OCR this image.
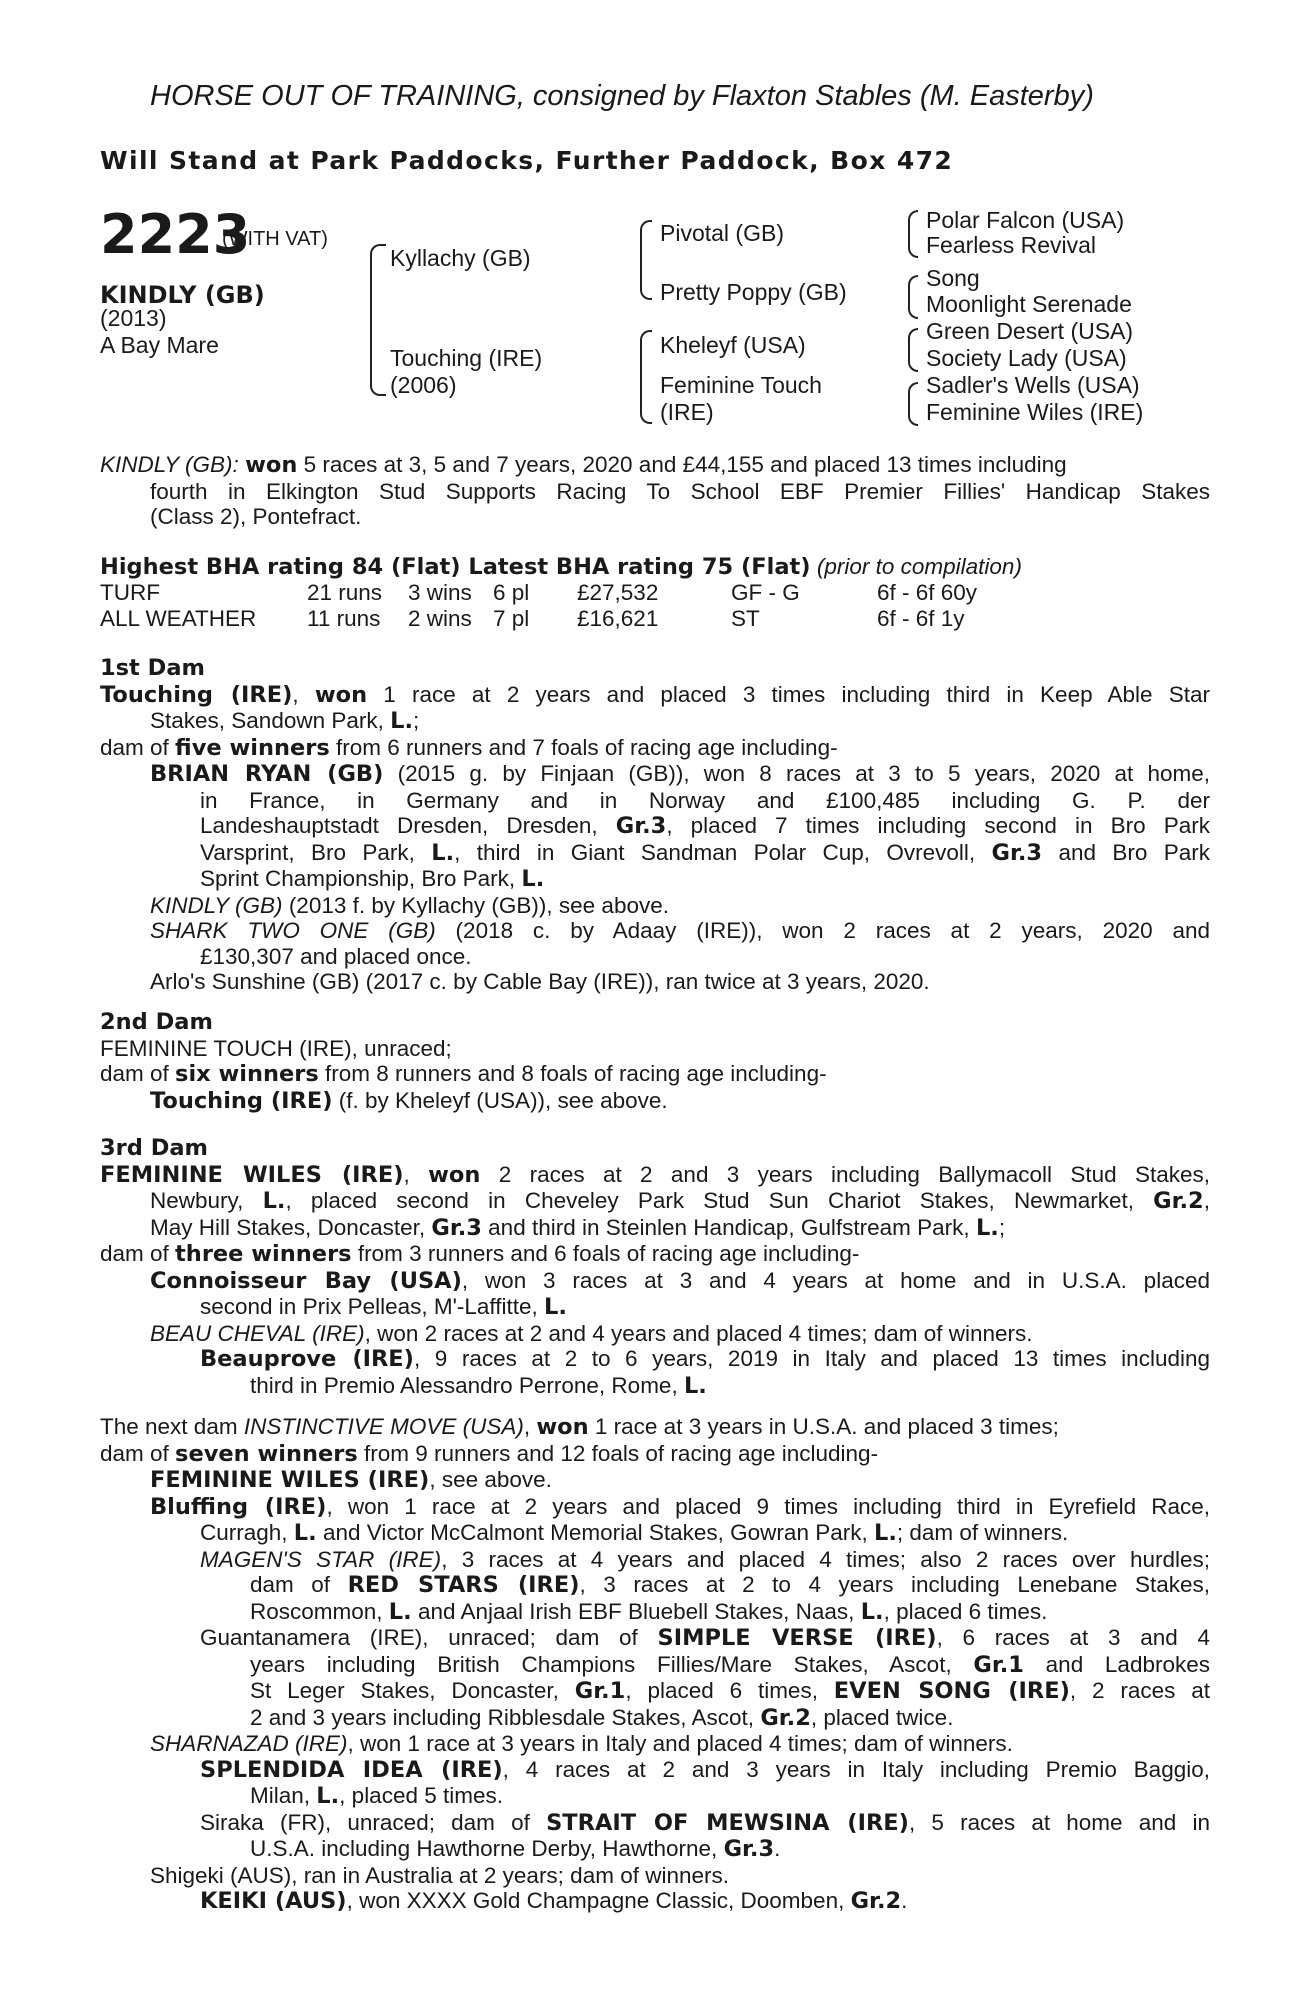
HORSE OUT OF TRAINING, consigned by Flaxton Stables (M. Easterby)
Will Stand at Park Paddocks, Further Paddock, Box 472
2223
(WITH VAT)
KINDLY (GB)
(2013)
A Bay Mare
Kyllachy (GB)
Touching (IRE)
(2006)
Pivotal (GB)
Pretty Poppy (GB)
Kheleyf (USA)
Feminine Touch
(IRE)
Polar Falcon (USA)
Fearless Revival
Song
Moonlight Serenade
Green Desert (USA)
Society Lady (USA)
Sadler's Wells (USA)
Feminine Wiles (IRE)
KINDLY (GB): won 5 races at 3, 5 and 7 years, 2020 and £44,155 and placed 13 times including
fourth in Elkington Stud Supports Racing To School EBF Premier Fillies' Handicap Stakes
(Class 2), Pontefract.
Highest BHA rating 84 (Flat) Latest BHA rating 75 (Flat) (prior to compilation)
TURF	21 runs 3 wins 6 pl £27,532	GF - G	6f - 6f 60y
ALL WEATHER 11 runs 2 wins 7 pl £16,621	ST	6f - 6f 1y
1st Dam
Touching (IRE), won 1 race at 2 years and placed 3 times including third in Keep Able Star
Stakes, Sandown Park, L.;
dam of five winners from 6 runners and 7 foals of racing age including-
BRIAN RYAN (GB) (2015 g. by Finjaan (GB)), won 8 races at 3 to 5 years, 2020 at home,
in France, in Germany and in Norway and £100,485 including G. P. der
Landeshauptstadt Dresden, Dresden, Gr.3, placed 7 times including second in Bro Park
Varsprint, Bro Park, L., third in Giant Sandman Polar Cup, Ovrevoll, Gr.3 and Bro Park
Sprint Championship, Bro Park, L.
KINDLY (GB) (2013 f. by Kyllachy (GB)), see above.
SHARK TWO ONE (GB) (2018 c. by Adaay (IRE)), won 2 races at 2 years, 2020 and
£130,307 and placed once.
Arlo's Sunshine (GB) (2017 c. by Cable Bay (IRE)), ran twice at 3 years, 2020.
2nd Dam
FEMININE TOUCH (IRE), unraced;
dam of six winners from 8 runners and 8 foals of racing age including-
Touching (IRE) (f. by Kheleyf (USA)), see above.
3rd Dam
FEMININE WILES (IRE), won 2 races at 2 and 3 years including Ballymacoll Stud Stakes,
Newbury, L., placed second in Cheveley Park Stud Sun Chariot Stakes, Newmarket, Gr.2,
May Hill Stakes, Doncaster, Gr.3 and third in Steinlen Handicap, Gulfstream Park, L.;
dam of three winners from 3 runners and 6 foals of racing age including-
Connoisseur Bay (USA), won 3 races at 3 and 4 years at home and in U.S.A. placed
second in Prix Pelleas, M'-Laffitte, L.
BEAU CHEVAL (IRE), won 2 races at 2 and 4 years and placed 4 times; dam of winners.
Beauprove (IRE), 9 races at 2 to 6 years, 2019 in Italy and placed 13 times including
third in Premio Alessandro Perrone, Rome, L.
The next dam INSTINCTIVE MOVE (USA), won 1 race at 3 years in U.S.A. and placed 3 times;
dam of seven winners from 9 runners and 12 foals of racing age including-
FEMININE WILES (IRE), see above.
Bluffing (IRE), won 1 race at 2 years and placed 9 times including third in Eyrefield Race,
Curragh, L. and Victor McCalmont Memorial Stakes, Gowran Park, L.; dam of winners.
MAGEN'S STAR (IRE), 3 races at 4 years and placed 4 times; also 2 races over hurdles;
dam of RED STARS (IRE), 3 races at 2 to 4 years including Lenebane Stakes,
Roscommon, L. and Anjaal Irish EBF Bluebell Stakes, Naas, L., placed 6 times.
Guantanamera (IRE), unraced; dam of SIMPLE VERSE (IRE), 6 races at 3 and 4
years including British Champions Fillies/Mare Stakes, Ascot, Gr.1 and Ladbrokes
St Leger Stakes, Doncaster, Gr.1, placed 6 times, EVEN SONG (IRE), 2 races at
2 and 3 years including Ribblesdale Stakes, Ascot, Gr.2, placed twice.
SHARNAZAD (IRE), won 1 race at 3 years in Italy and placed 4 times; dam of winners.
SPLENDIDA IDEA (IRE), 4 races at 2 and 3 years in Italy including Premio Baggio,
Milan, L., placed 5 times.
Siraka (FR), unraced; dam of STRAIT OF MEWSINA (IRE), 5 races at home and in
U.S.A. including Hawthorne Derby, Hawthorne, Gr.3.
Shigeki (AUS), ran in Australia at 2 years; dam of winners.
KEIKI (AUS), won XXXX Gold Champagne Classic, Doomben, Gr.2.
